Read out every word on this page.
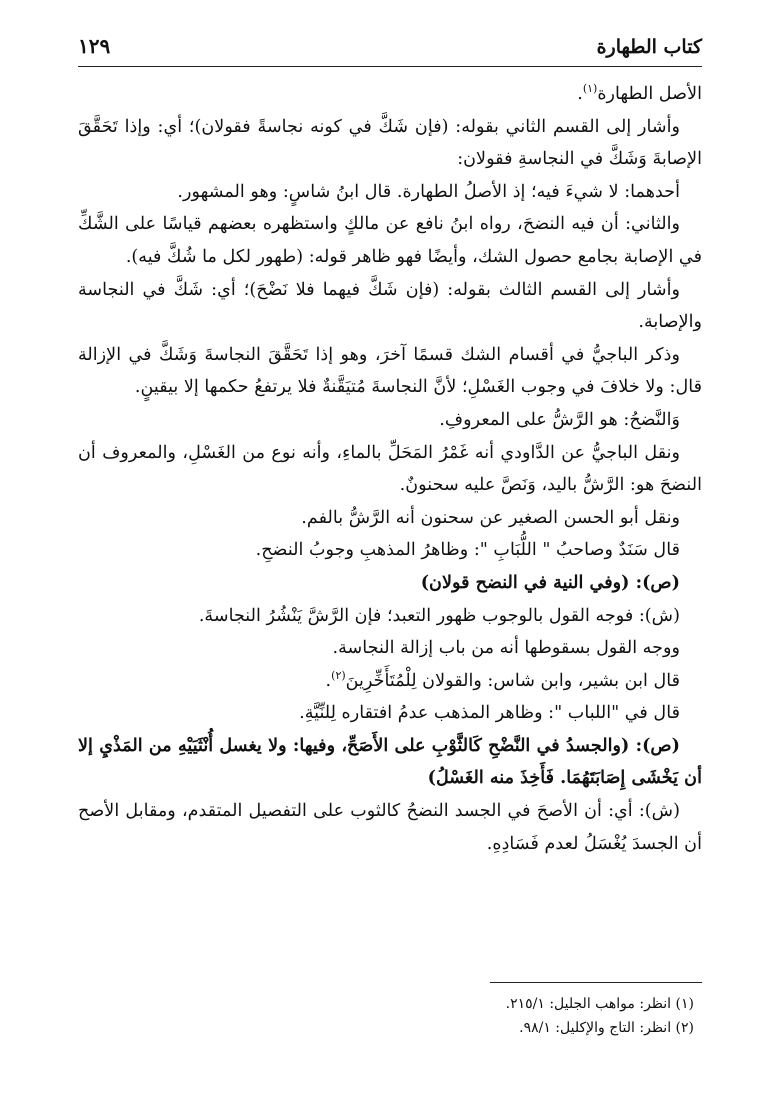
كتاب الطهارة
١٢٩

الأصل الطهارة$^{(١)}$.

وأشار إلى القسم الثاني بقوله: (فإن شَكَّ في كونه نجاسةً فقولان)؛ أي: وإذا تَحَقَّقَ الإصابةَ وَشَكَّ في النجاسةِ فقولان:

أحدهما: لا شيءَ فيه؛ إذ الأصلُ الطهارة. قال ابنُ شاسٍ: وهو المشهور.

والثاني: أن فيه النضحَ، رواه ابنُ نافع عن مالكٍ واستظهره بعضهم قياسًا على الشَّكِّ في الإصابة بجامع حصول الشك، وأيضًا فهو ظاهر قوله: (طهور لكل ما شُكَّ فيه).

وأشار إلى القسم الثالث بقوله: (فإن شَكَّ فيهما فلا نَضْحَ)؛ أي: شَكَّ في النجاسة والإصابة.

وذكر الباجيُّ في أقسام الشك قسمًا آخرَ، وهو إذا تَحَقَّقَ النجاسةَ وَشَكَّ في الإزالة قال: ولا خلافَ في وجوب الغَسْلِ؛ لأنَّ النجاسةَ مُتيَقَّنةٌ فلا يرتفعُ حكمها إلا بيقينٍ.

وَالنَّضحُ: هو الرَّشُّ على المعروفِ.

ونقل الباجيُّ عن الدَّاودي أنه غَمْرُ المَحَلِّ بالماءِ، وأنه نوع من الغَسْلِ، والمعروف أن النضحَ هو: الرَّشُّ باليد، وَنَصَّ عليه سحنونٌ.

ونقل أبو الحسن الصغير عن سحنون أنه الرَّشُّ بالفم.

قال سَنَدٌ وصاحبُ " اللُّبَابِ ": وظاهرُ المذهبِ وجوبُ النضحِ.

(ص): (وفي النية في النضح قولان)

(ش): فوجه القول بالوجوب ظهور التعبد؛ فإن الرَّشَّ يَنْشُرُ النجاسةَ.

ووجه القول بسقوطها أنه من باب إزالة النجاسة.

قال ابن بشير، وابن شاس: والقولان لِلْمُتَأَخِّرِينَ$^{(٢)}$.

قال في "اللباب ": وظاهر المذهب عدمُ افتقاره لِلنِّيَّةِ.

(ص): (والجسدُ في النَّضْحِ كَالثَّوْبِ على الأَصَحِّ، وفيها: ولا يغسل أُنْثَيَيْهِ من المَذْيِ إلا أن يَخْشَى إِصَابَتَهُمَا. فَأَخِذَ منه الغَسْلُ)

(ش): أي: أن الأصحَ في الجسد النضحُ كالثوب على التفصيل المتقدم، ومقابل الأصح أن الجسدَ يُغْسَلُ لعدم فَسَادِهِ.

(١) انظر: مواهب الجليل: ٢١٥/١.

(٢) انظر: التاج والإكليل: ٩٨/١.
